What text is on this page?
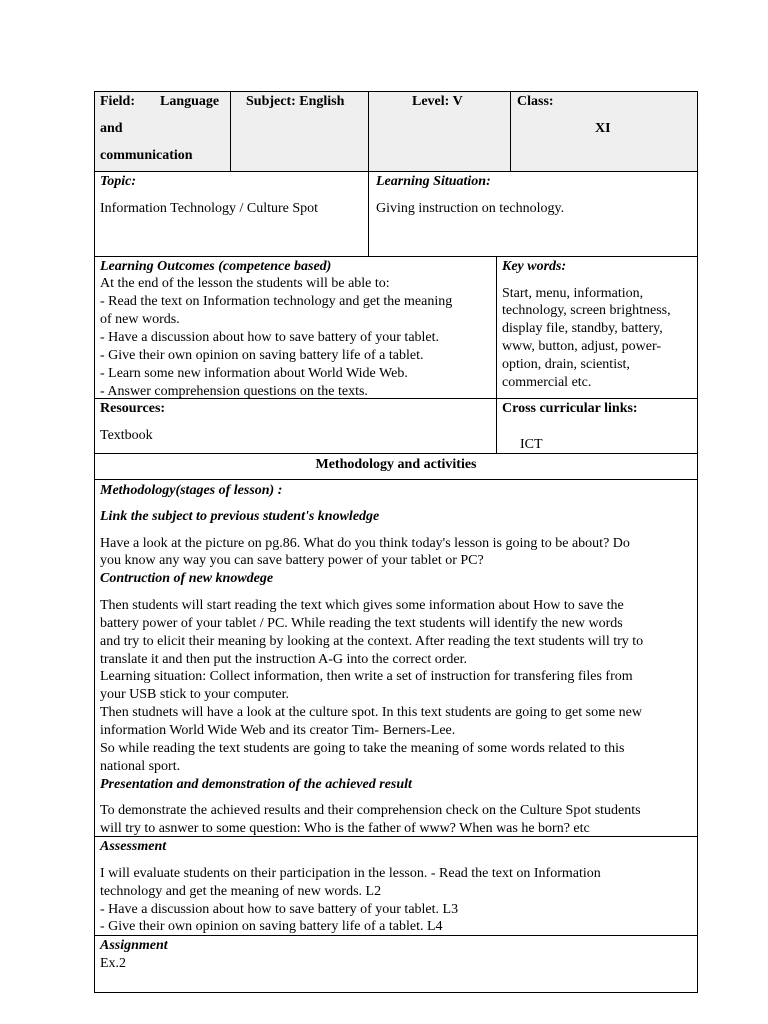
Field: Language
and
communication
Subject: English	Level: V	Class:
XI
Topic:
Information Technology / Culture Spot
Learning Situation:
Giving instruction on technology.
Learning Outcomes (competence based)
At the end of the lesson the students will be able to:
- Read the text on Information technology and get the meaning
of new words.
- Have a discussion about how to save battery of your tablet.
- Give their own opinion on saving battery life of a tablet.
- Learn some new information about World Wide Web.
- Answer comprehension questions on the texts.
Key words:
Start, menu, information,
technology, screen brightness,
display file, standby, battery,
www, button, adjust, power-
option, drain, scientist,
commercial etc.
Resources:
Textbook
Cross curricular links:
ICT
Methodology and activities
Methodology(stages of lesson) :
Link the subject to previous student's knowledge
Have a look at the picture on pg.86. What do you think today's lesson is going to be about? Do
you know any way you can save battery power of your tablet or PC?
Contruction of new knowdege
Then students will start reading the text which gives some information about How to save the
battery power of your tablet / PC. While reading the text students will identify the new words
and try to elicit their meaning by looking at the context. After reading the text students will try to
translate it and then put the instruction A-G into the correct order.
Learning situation: Collect information, then write a set of instruction for transfering files from
your USB stick to your computer.
Then studnets will have a look at the culture spot. In this text students are going to get some new
information World Wide Web and its creator Tim- Berners-Lee.
So while reading the text students are going to take the meaning of some words related to this
national sport.
Presentation and demonstration of the achieved result
To demonstrate the achieved results and their comprehension check on the Culture Spot students
will try to asnwer to some question: Who is the father of www? When was he born? etc
Assessment
I will evaluate students on their participation in the lesson. - Read the text on Information
technology and get the meaning of new words. L2
- Have a discussion about how to save battery of your tablet. L3
- Give their own opinion on saving battery life of a tablet. L4
Assignment
Ex.2
